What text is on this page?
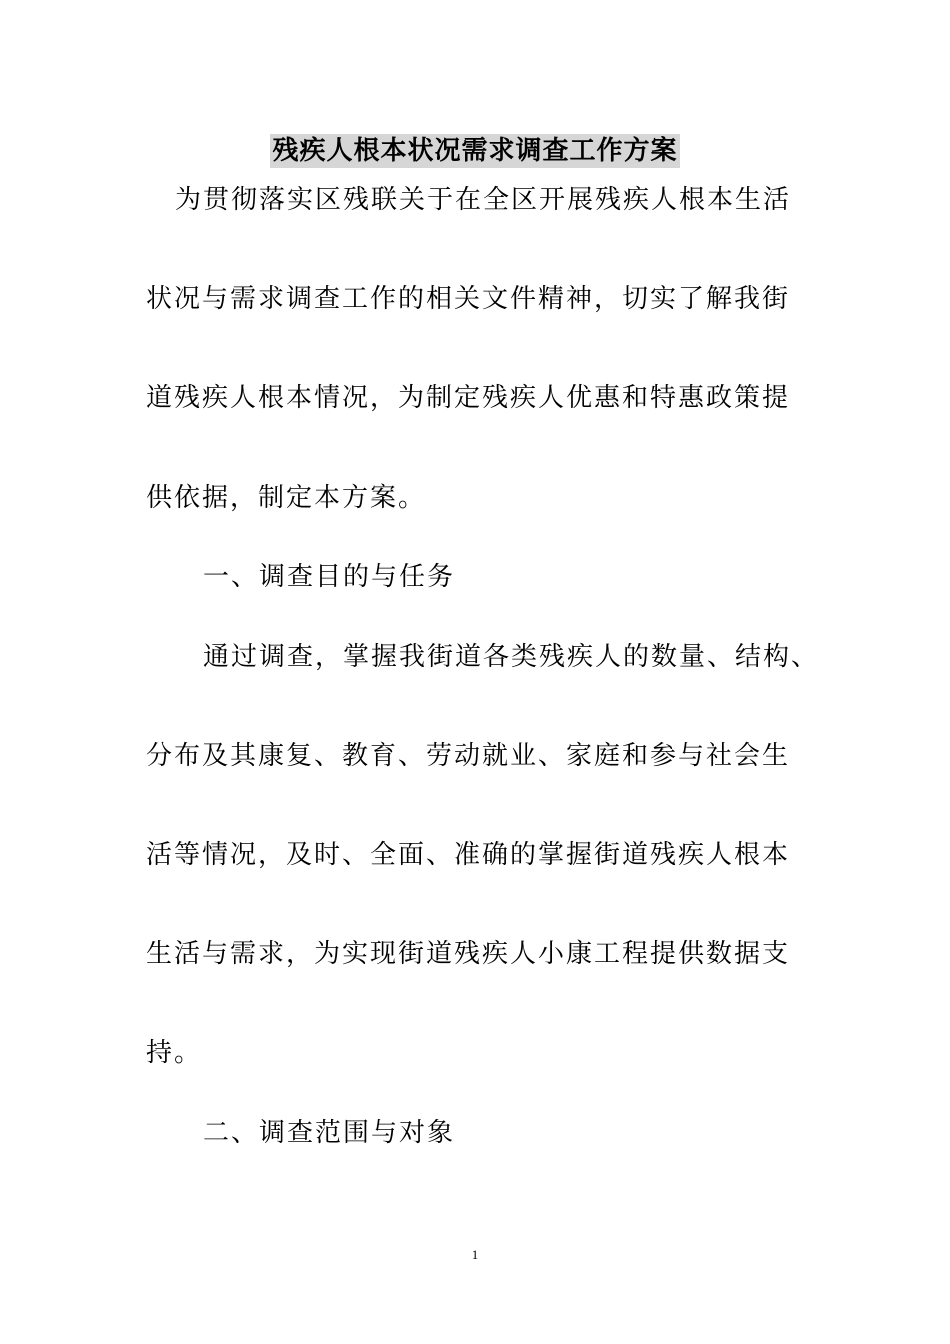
残疾人根本状况需求调查工作方案
为贯彻落实区残联关于在全区开展残疾人根本生活
状况与需求调查工作的相关文件精神，切实了解我街
道残疾人根本情况，为制定残疾人优惠和特惠政策提
供依据，制定本方案。
一、调查目的与任务
通过调查，掌握我街道各类残疾人的数量、结构、
分布及其康复、教育、劳动就业、家庭和参与社会生
活等情况，及时、全面、准确的掌握街道残疾人根本
生活与需求，为实现街道残疾人小康工程提供数据支
持。
二、调查范围与对象
1
